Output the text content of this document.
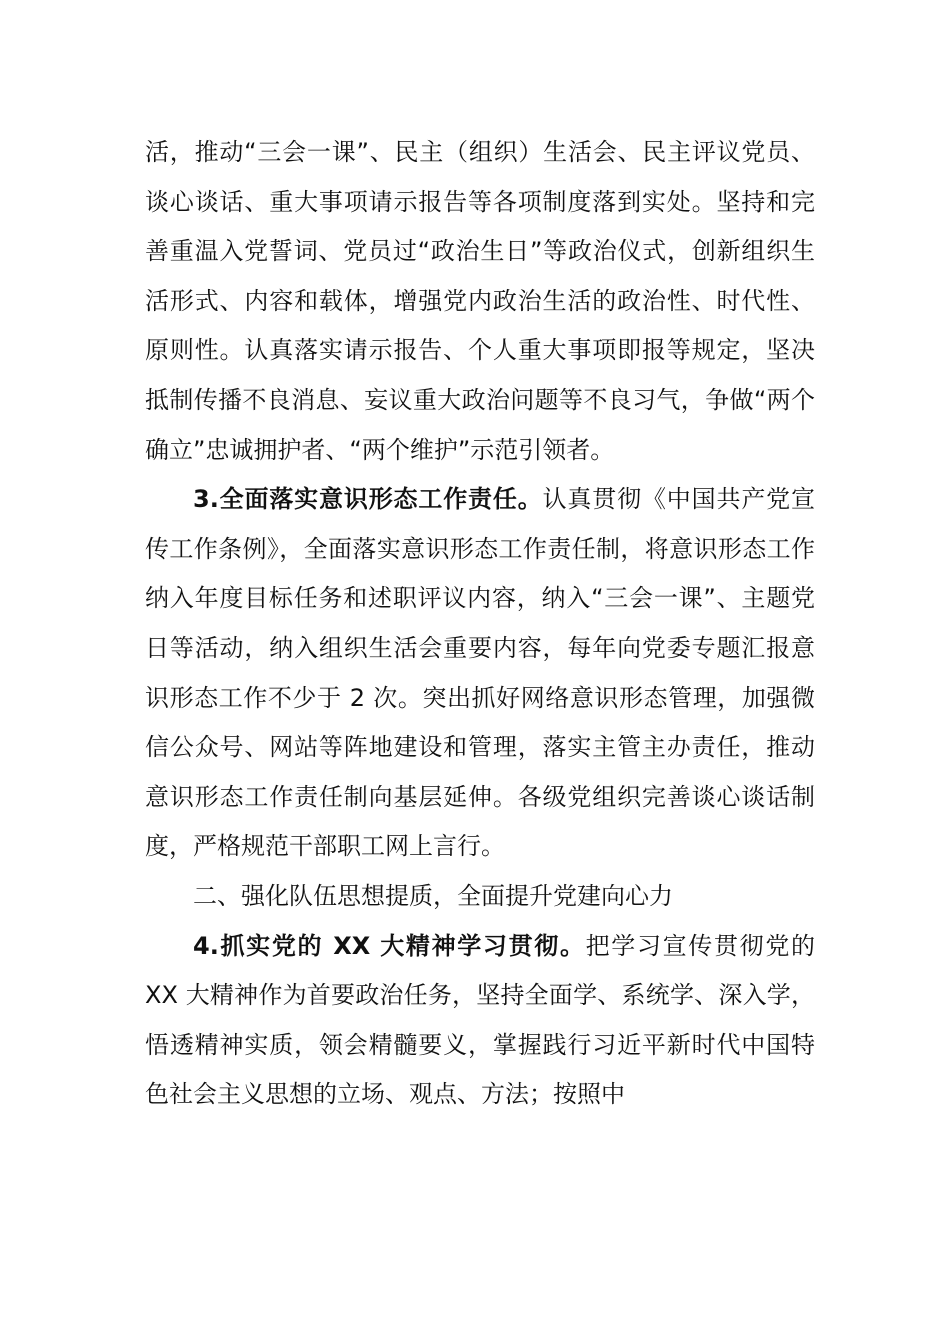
活，推动“三会一课”、民主（组织）生活会、民主评议党员、谈心谈话、重大事项请示报告等各项制度落到实处。坚持和完善重温入党誓词、党员过“政治生日”等政治仪式，创新组织生活形式、内容和载体，增强党内政治生活的政治性、时代性、原则性。认真落实请示报告、个人重大事项即报等规定，坚决抵制传播不良消息、妄议重大政治问题等不良习气，争做“两个确立”忠诚拥护者、“两个维护”示范引领者。

3.全面落实意识形态工作责任。认真贯彻《中国共产党宣传工作条例》，全面落实意识形态工作责任制，将意识形态工作纳入年度目标任务和述职评议内容，纳入“三会一课”、主题党日等活动，纳入组织生活会重要内容，每年向党委专题汇报意识形态工作不少于 2 次。突出抓好网络意识形态管理，加强微信公众号、网站等阵地建设和管理，落实主管主办责任，推动意识形态工作责任制向基层延伸。各级党组织完善谈心谈话制度，严格规范干部职工网上言行。

二、强化队伍思想提质，全面提升党建向心力

4.抓实党的 XX 大精神学习贯彻。把学习宣传贯彻党的 XX 大精神作为首要政治任务，坚持全面学、系统学、深入学，悟透精神实质，领会精髓要义，掌握践行习近平新时代中国特色社会主义思想的立场、观点、方法；按照中
